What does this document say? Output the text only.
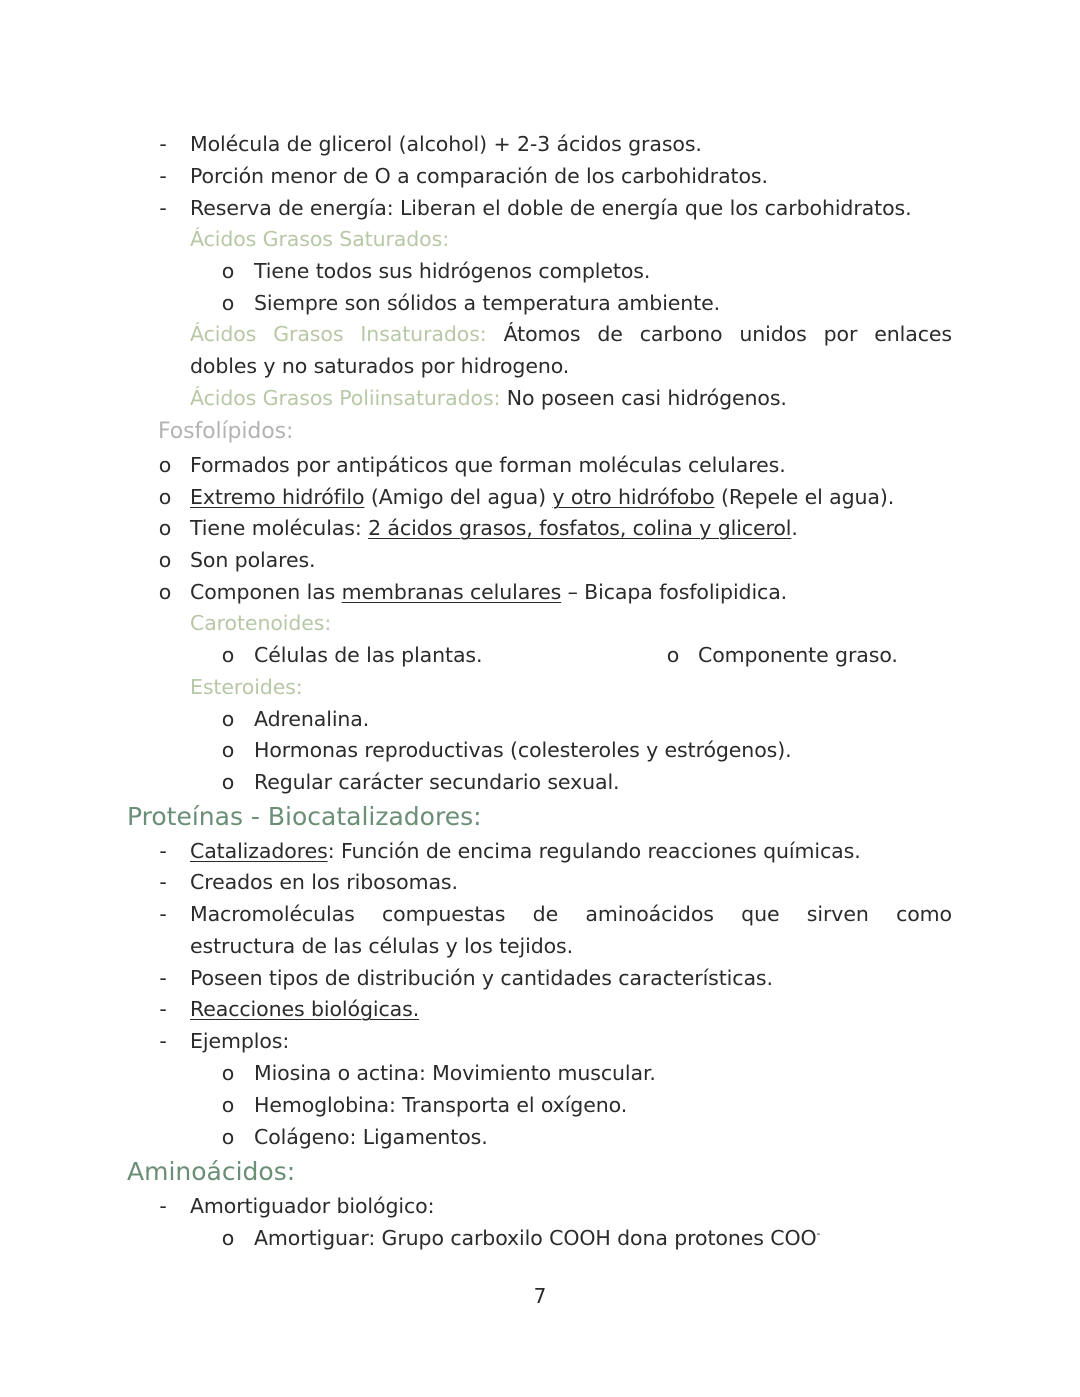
-	Molécula de glicerol (alcohol) + 2-3 ácidos grasos.
-	Porción menor de O a comparación de los carbohidratos.
-	Reserva de energía: Liberan el doble de energía que los carbohidratos.
Ácidos Grasos Saturados:
o Tiene todos sus hidrógenos completos.
o Siempre son sólidos a temperatura ambiente.
Ácidos Grasos Insaturados: Átomos de carbono unidos por enlaces
dobles y no saturados por hidrogeno.
Ácidos Grasos Poliinsaturados: No poseen casi hidrógenos.
Fosfolípidos:
o Formados por antipáticos que forman moléculas celulares.
o Extremo hidrófilo (Amigo del agua) y otro hidrófobo (Repele el agua).
o Tiene moléculas: 2 ácidos grasos, fosfatos, colina y glicerol.
o Son polares.
o Componen las membranas celulares – Bicapa fosfolipidica.
Carotenoides:
o Células de las plantas.	o Componente graso.
Esteroides:
o Adrenalina.
o Hormonas reproductivas (colesteroles y estrógenos).
o Regular carácter secundario sexual.
Proteínas - Biocatalizadores:
-	Catalizadores: Función de encima regulando reacciones químicas.
-	Creados en los ribosomas.
-	Macromoléculas compuestas de aminoácidos que sirven como
estructura de las células y los tejidos.
-	Poseen tipos de distribución y cantidades características.
-	Reacciones biológicas.
-	Ejemplos:
o Miosina o actina: Movimiento muscular.
o Hemoglobina: Transporta el oxígeno.
o Colágeno: Ligamentos.
Aminoácidos:
-	Amortiguador biológico:
o Amortiguar: Grupo carboxilo COOH dona protones COO-
7
